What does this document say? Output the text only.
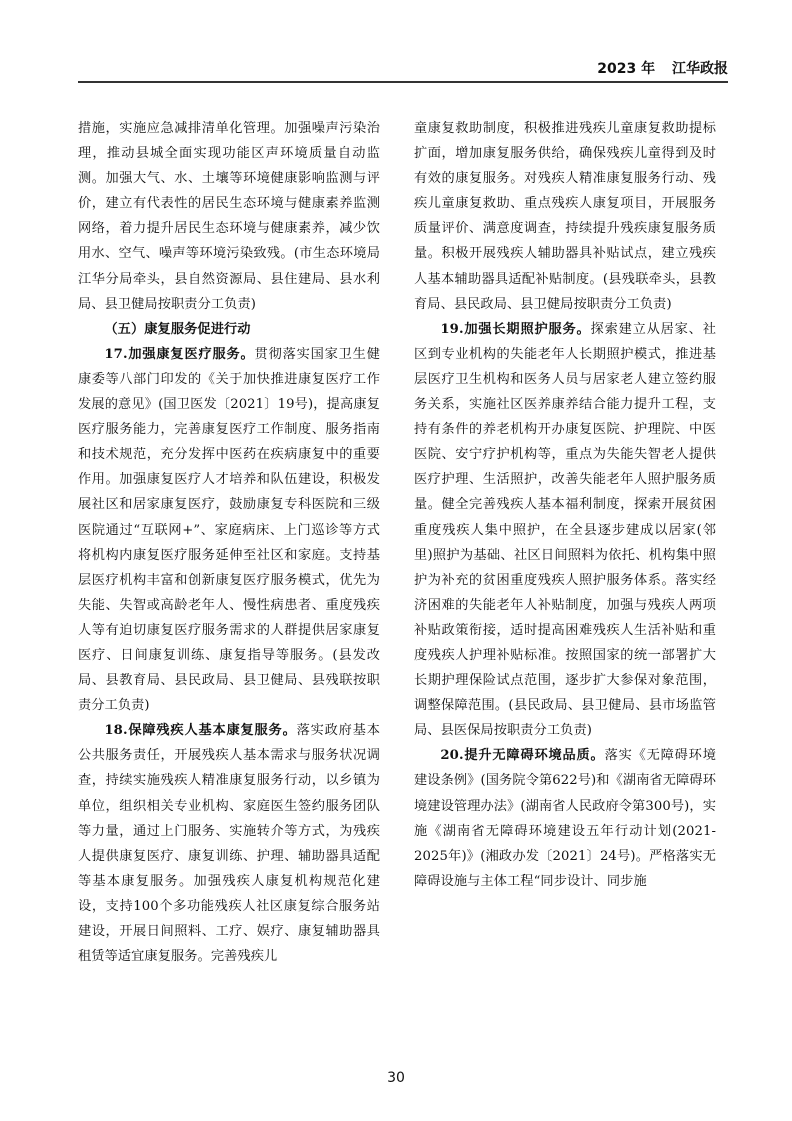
2023 年 江华政报

措施，实施应急减排清单化管理。加强噪声污染治理，推动县城全面实现功能区声环境质量自动监测。加强大气、水、土壤等环境健康影响监测与评价，建立有代表性的居民生态环境与健康素养监测网络，着力提升居民生态环境与健康素养，减少饮用水、空气、噪声等环境污染致残。(市生态环境局江华分局牵头，县自然资源局、县住建局、县水利局、县卫健局按职责分工负责)

（五）康复服务促进行动

17.加强康复医疗服务。贯彻落实国家卫生健康委等八部门印发的《关于加快推进康复医疗工作发展的意见》(国卫医发〔2021〕19号)，提高康复医疗服务能力，完善康复医疗工作制度、服务指南和技术规范，充分发挥中医药在疾病康复中的重要作用。加强康复医疗人才培养和队伍建设，积极发展社区和居家康复医疗，鼓励康复专科医院和三级医院通过“互联网+”、家庭病床、上门巡诊等方式将机构内康复医疗服务延伸至社区和家庭。支持基层医疗机构丰富和创新康复医疗服务模式，优先为失能、失智或高龄老年人、慢性病患者、重度残疾人等有迫切康复医疗服务需求的人群提供居家康复医疗、日间康复训练、康复指导等服务。(县发改局、县教育局、县民政局、县卫健局、县残联按职责分工负责)

18.保障残疾人基本康复服务。落实政府基本公共服务责任，开展残疾人基本需求与服务状况调查，持续实施残疾人精准康复服务行动，以乡镇为单位，组织相关专业机构、家庭医生签约服务团队等力量，通过上门服务、实施转介等方式，为残疾人提供康复医疗、康复训练、护理、辅助器具适配等基本康复服务。加强残疾人康复机构规范化建设，支持100个多功能残疾人社区康复综合服务站建设，开展日间照料、工疗、娱疗、康复辅助器具租赁等适宜康复服务。完善残疾儿

童康复救助制度，积极推进残疾儿童康复救助提标扩面，增加康复服务供给，确保残疾儿童得到及时有效的康复服务。对残疾人精准康复服务行动、残疾儿童康复救助、重点残疾人康复项目，开展服务质量评价、满意度调查，持续提升残疾康复服务质量。积极开展残疾人辅助器具补贴试点，建立残疾人基本辅助器具适配补贴制度。(县残联牵头，县教育局、县民政局、县卫健局按职责分工负责)

19.加强长期照护服务。探索建立从居家、社区到专业机构的失能老年人长期照护模式，推进基层医疗卫生机构和医务人员与居家老人建立签约服务关系，实施社区医养康养结合能力提升工程，支持有条件的养老机构开办康复医院、护理院、中医医院、安宁疗护机构等，重点为失能失智老人提供医疗护理、生活照护，改善失能老年人照护服务质量。健全完善残疾人基本福利制度，探索开展贫困重度残疾人集中照护，在全县逐步建成以居家(邻里)照护为基础、社区日间照料为依托、机构集中照护为补充的贫困重度残疾人照护服务体系。落实经济困难的失能老年人补贴制度，加强与残疾人两项补贴政策衔接，适时提高困难残疾人生活补贴和重度残疾人护理补贴标准。按照国家的统一部署扩大长期护理保险试点范围，逐步扩大参保对象范围，调整保障范围。(县民政局、县卫健局、县市场监管局、县医保局按职责分工负责)

20.提升无障碍环境品质。落实《无障碍环境建设条例》(国务院令第622号)和《湖南省无障碍环境建设管理办法》(湖南省人民政府令第300号)，实施《湖南省无障碍环境建设五年行动计划(2021-2025年)》(湘政办发〔2021〕24号)。严格落实无障碍设施与主体工程“同步设计、同步施

30
